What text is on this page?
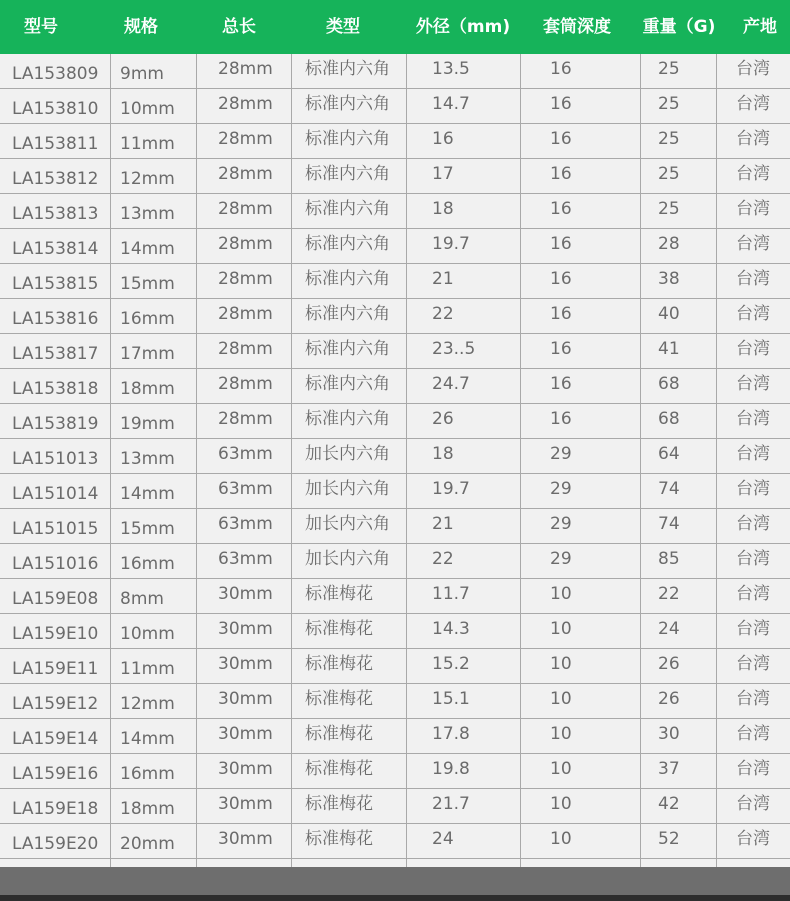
型号	规格	总长	类型	外径（mm)	套筒深度	重量（G)	产地
LA153809 9mm	28mm 标准内六角 13.5	16	25	台湾
LA153810 10mm	28mm 标准内六角 14.7	16	25	台湾
LA153811 11mm	28mm 标准内六角 16	16	25	台湾
LA153812 12mm	28mm 标准内六角 17	16	25	台湾
LA153813 13mm	28mm 标准内六角 18	16	25	台湾
LA153814 14mm	28mm 标准内六角 19.7	16	28	台湾
LA153815 15mm	28mm 标准内六角 21	16	38	台湾
LA153816 16mm	28mm 标准内六角 22	16	40	台湾
LA153817 17mm	28mm 标准内六角 23..5	16	41	台湾
LA153818 18mm	28mm 标准内六角 24.7	16	68	台湾
LA153819 19mm	28mm 标准内六角 26	16	68	台湾
LA151013 13mm	63mm 加长内六角 18	29	64	台湾
LA151014 14mm	63mm 加长内六角 19.7	29	74	台湾
LA151015 15mm	63mm 加长内六角 21	29	74	台湾
LA151016 16mm	63mm 加长内六角 22	29	85	台湾
LA159E08 8mm	30mm 标准梅花	11.7	10	22	台湾
LA159E10 10mm	30mm 标准梅花	14.3	10	24	台湾
LA159E11 11mm	30mm 标准梅花	15.2	10	26	台湾
LA159E12 12mm	30mm 标准梅花	15.1	10	26	台湾
LA159E14 14mm	30mm 标准梅花	17.8	10	30	台湾
LA159E16 16mm	30mm 标准梅花	19.8	10	37	台湾
LA159E18 18mm	30mm 标准梅花	21.7	10	42	台湾
LA159E20 20mm	30mm 标准梅花	24	10	52	台湾
